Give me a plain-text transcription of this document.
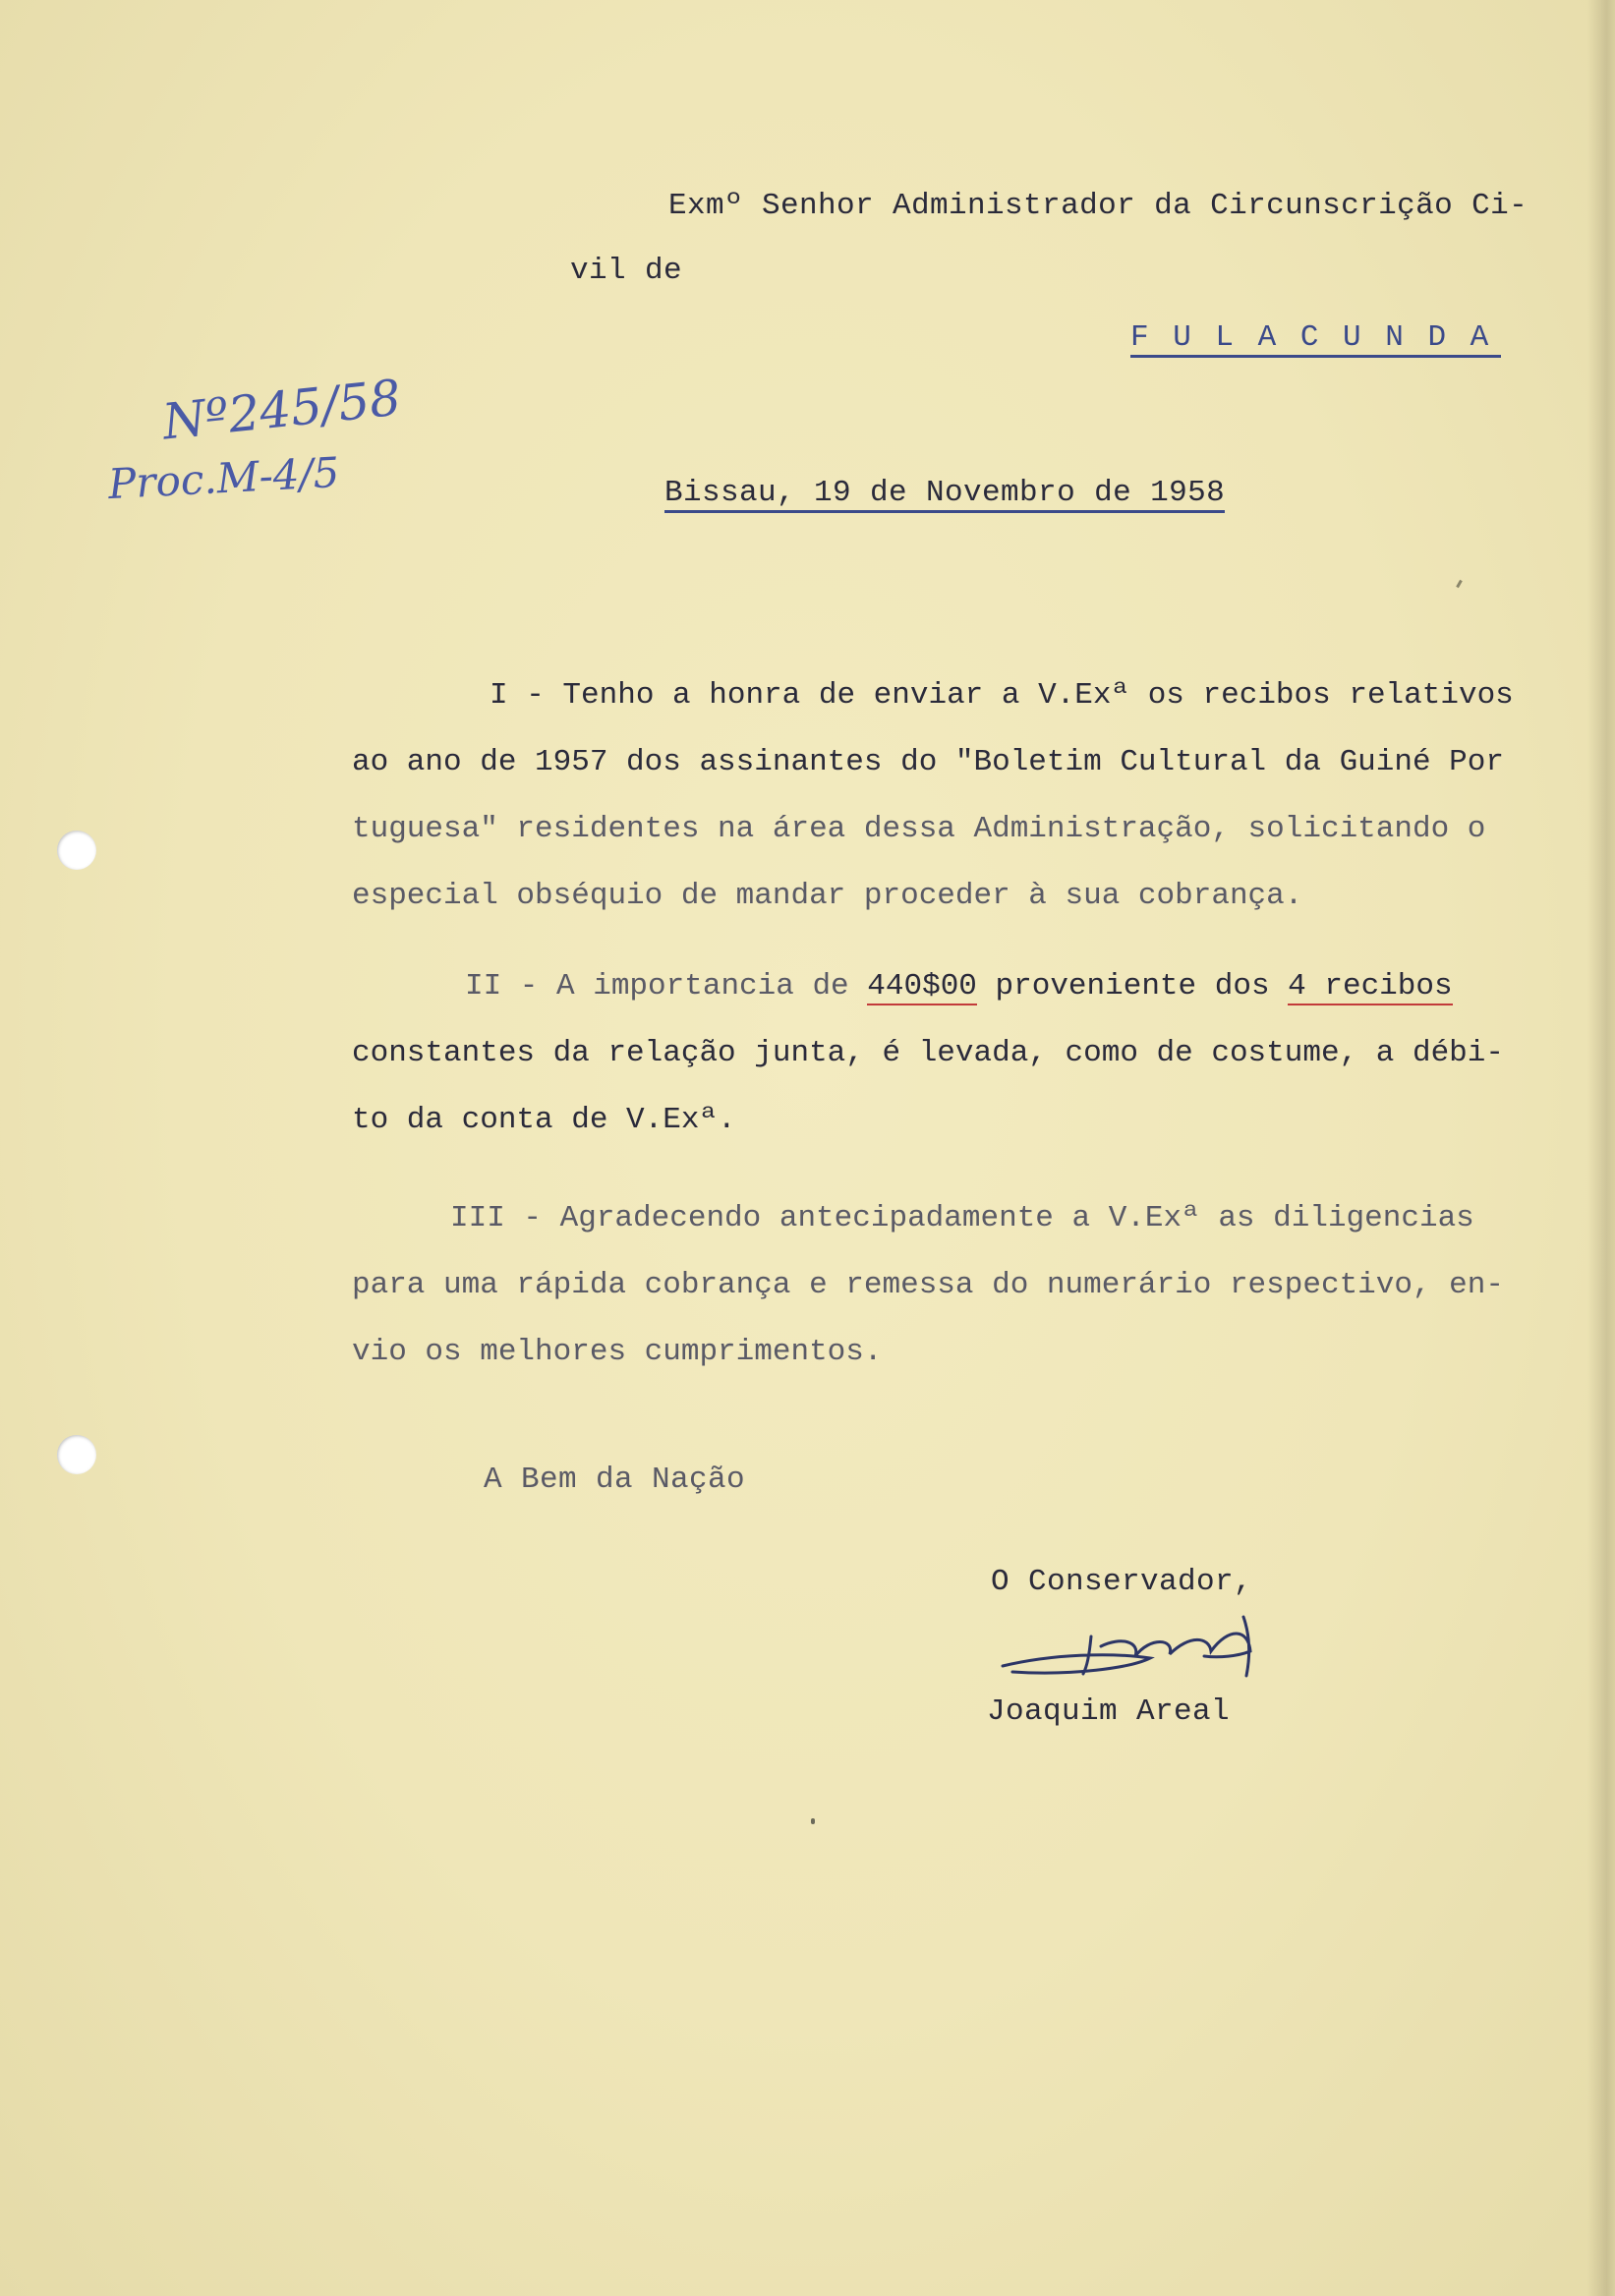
Exmº Senhor Administrador da Circunscrição Ci-
vil de
F U L A C U N D A
Nº245/58
Proc.M-4/5	Bissau, 19 de Novembro de 1958
I - Tenho a honra de enviar a V.Exª os recibos relativos
ao ano de 1957 dos assinantes do "Boletim Cultural da Guiné Por
tuguesa" residentes na área dessa Administração, solicitando o
especial obséquio de mandar proceder à sua cobrança.
II - A importancia de 440$00 proveniente dos 4 recibos
constantes da relação junta, é levada, como de costume, a débi-
to da conta de V.Exª.
III - Agradecendo antecipadamente a V.Exª as diligencias
para uma rápida cobrança e remessa do numerário respectivo, en-
vio os melhores cumprimentos.
A Bem da Nação
O Conservador,
Joaquim Areal
